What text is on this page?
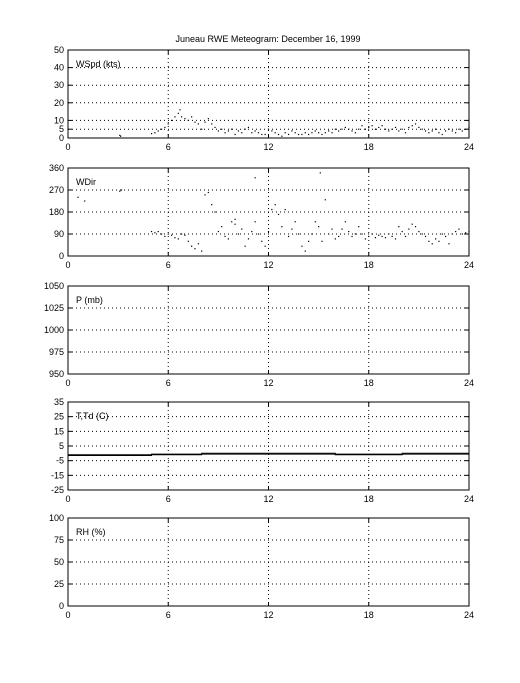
Juneau RWE Meteogram: December 16, 1999
0	6	12	18	24
0
5
10
20
30
40
50
WSpd (kts)
0	6	12	18	24
0
90
180
270
360
WDir
0	6	12	18	24
950
975
1000
1025
1050
P (mb)
0	6	12	18	24
-25
-15
-5
5
15
25
35
T,Td (C)
0	6	12	18	24
0
25
50
75
100
RH (%)
